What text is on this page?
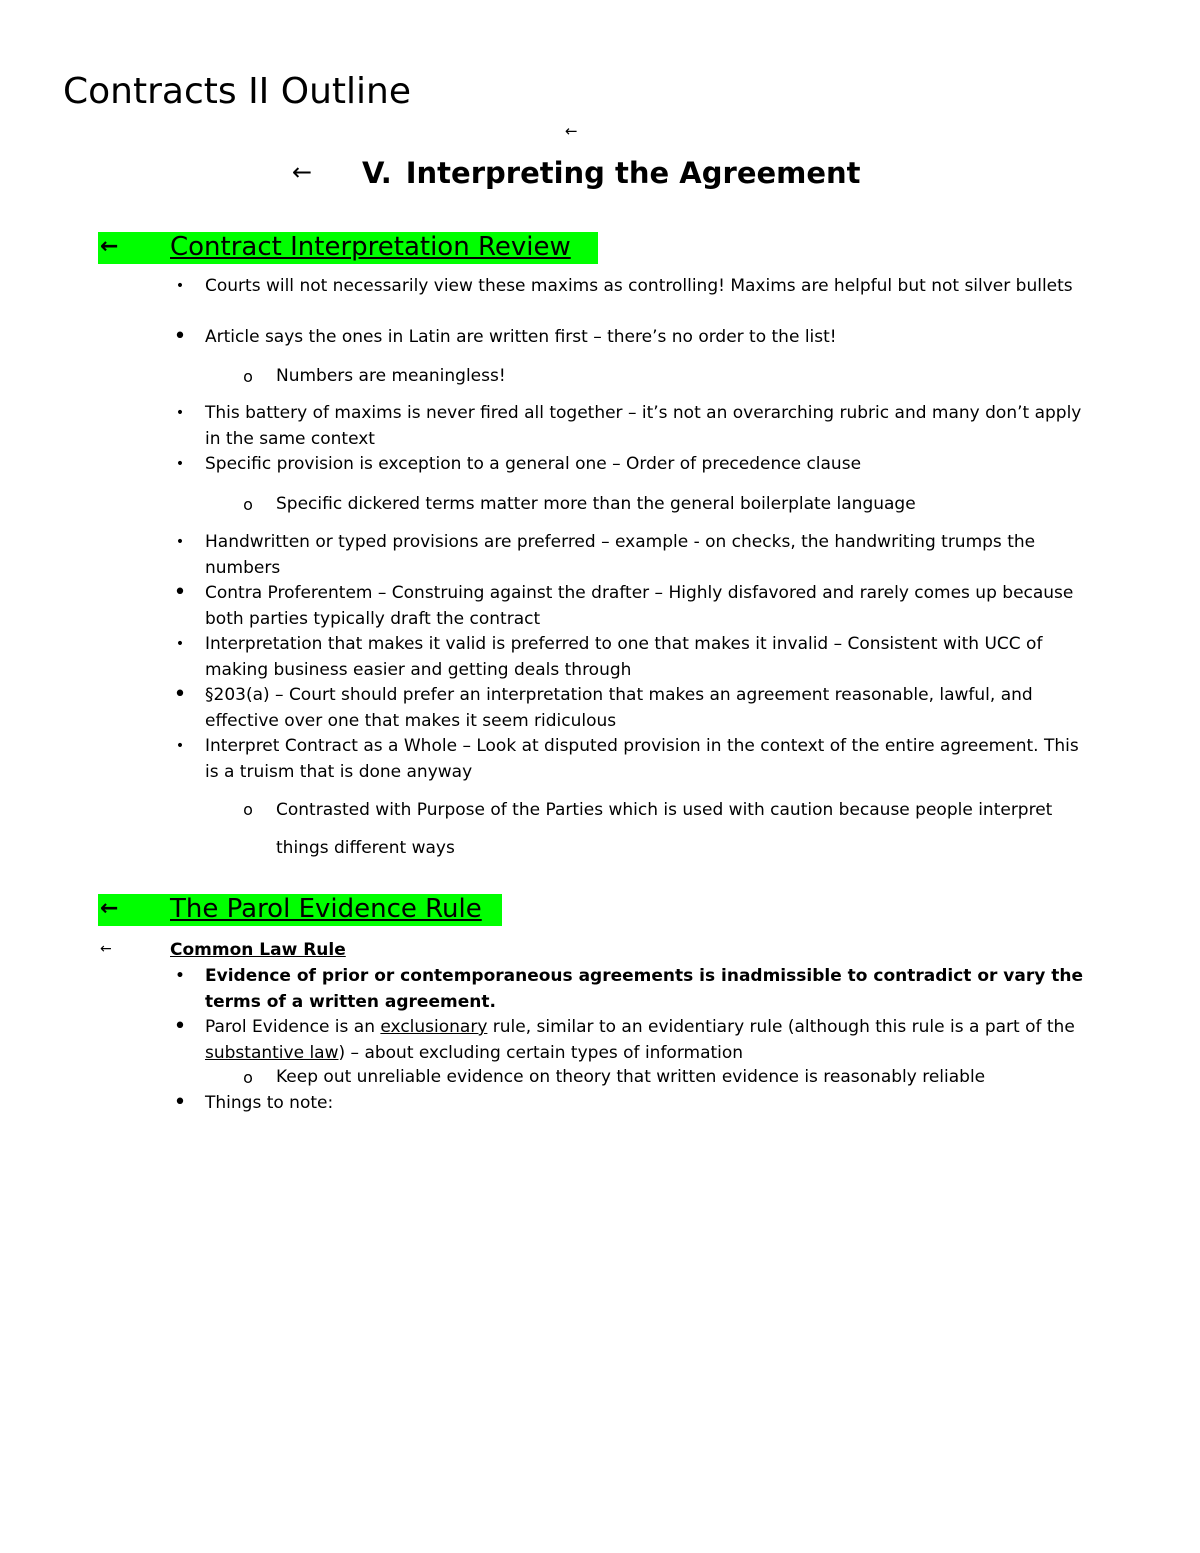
Contracts II Outline
←
← V. Interpreting the Agreement
← Contract Interpretation Review
•	Courts will not necessarily view these maxims as controlling! Maxims are helpful but not silver bullets
• Article says the ones in Latin are written first – there’s no order to the list!
o	Numbers are meaningless!
•	This battery of maxims is never fired all together – it’s not an overarching rubric and many don’t apply in the same context
•	Specific provision is exception to a general one – Order of precedence clause
o	Specific dickered terms matter more than the general boilerplate language
•	Handwritten or typed provisions are preferred – example - on checks, the handwriting trumps the numbers
• Contra Proferentem – Construing against the drafter – Highly disfavored and rarely comes up because both parties typically draft the contract
•	Interpretation that makes it valid is preferred to one that makes it invalid – Consistent with UCC of making business easier and getting deals through
• §203(a) – Court should prefer an interpretation that makes an agreement reasonable, lawful, and effective over one that makes it seem ridiculous
•	Interpret Contract as a Whole – Look at disputed provision in the context of the entire agreement. This is a truism that is done anyway
o	Contrasted with Purpose of the Parties which is used with caution because people interpret things different ways
← The Parol Evidence Rule
←	Common Law Rule
•	Evidence of prior or contemporaneous agreements is inadmissible to contradict or vary the terms of a written agreement.
• Parol Evidence is an exclusionary rule, similar to an evidentiary rule (although this rule is a part of the substantive law) – about excluding certain types of information
o	Keep out unreliable evidence on theory that written evidence is reasonably reliable
• Things to note:
